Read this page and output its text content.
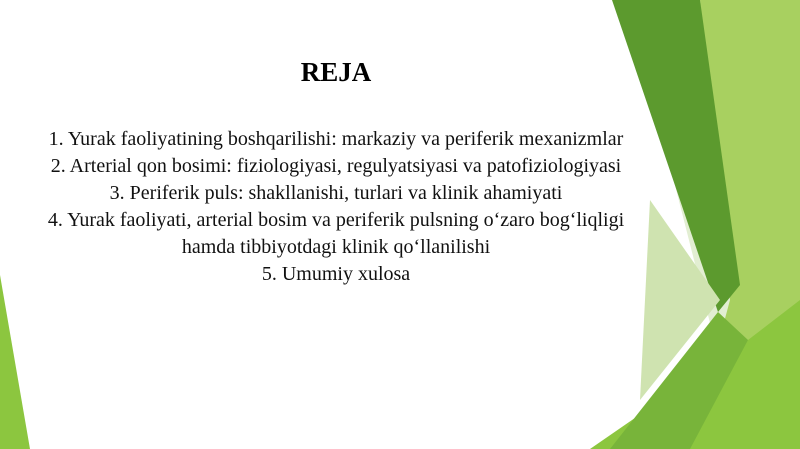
REJA
1. Yurak faoliyatining boshqarilishi: markaziy va periferik mexanizmlar
2. Arterial qon bosimi: fiziologiyasi, regulyatsiyasi va patofiziologiyasi
3. Periferik puls: shakllanishi, turlari va klinik ahamiyati
4. Yurak faoliyati, arterial bosim va periferik pulsning o‘zaro bog‘liqligi hamda tibbiyotdagi klinik qo‘llanilishi
5. Umumiy xulosa
